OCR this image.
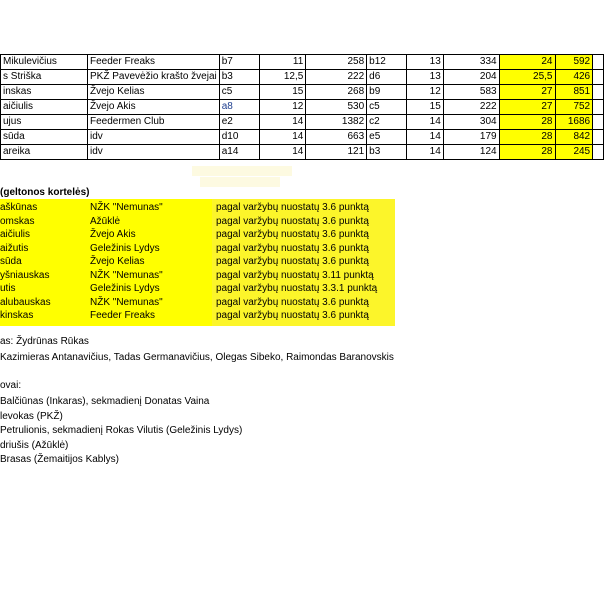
Mikulevičius	Feeder Freaks	b7	11	258	b12	13	334	24	592	
s Striška	PKŽ Pavevėžio krašto žvejai	b3	12,5	222	d6	13	204	25,5	426	
inskas	Žvejo Kelias	c5	15	268	b9	12	583	27	851	
aičiulis	Žvejo Akis	a8	12	530	c5	15	222	27	752	
ujus	Feedermen Club	e2	14	1382	c2	14	304	28	1686	
sūda	idv	d10	14	663	e5	14	179	28	842	
areika	idv	a14	14	121	b3	14	124	28	245	
(geltonos kortelės)
aškūnas	NŽK "Nemunas"	pagal varžybų nuostatų 3.6 punktą
omskas	Ažūklė	pagal varžybų nuostatų 3.6 punktą
aičiulis	Žvejo Akis	pagal varžybų nuostatų 3.6 punktą
aižutis	Geležinis Lydys	pagal varžybų nuostatų 3.6 punktą
sūda	Žvejo Kelias	pagal varžybų nuostatų 3.6 punktą
yšniauskas	NŽK "Nemunas"	pagal varžybų nuostatų 3.11 punktą
utis	Geležinis Lydys	pagal varžybų nuostatų 3.3.1 punktą
alubauskas	NŽK "Nemunas"	pagal varžybų nuostatų 3.6 punktą
kinskas	Feeder Freaks	pagal varžybų nuostatų 3.6 punktą
as: Žydrūnas Rūkas
Kazimieras Antanavičius, Tadas Germanavičius, Olegas Sibeko, Raimondas Baranovskis
ovai:
Balčiūnas (Inkaras), sekmadienį Donatas Vaina
levokas (PKŽ)
Petrulionis, sekmadienį Rokas Vilutis (Geležinis Lydys)
driušis (Ažūklė)
Brasas (Žemaitijos Kablys)
